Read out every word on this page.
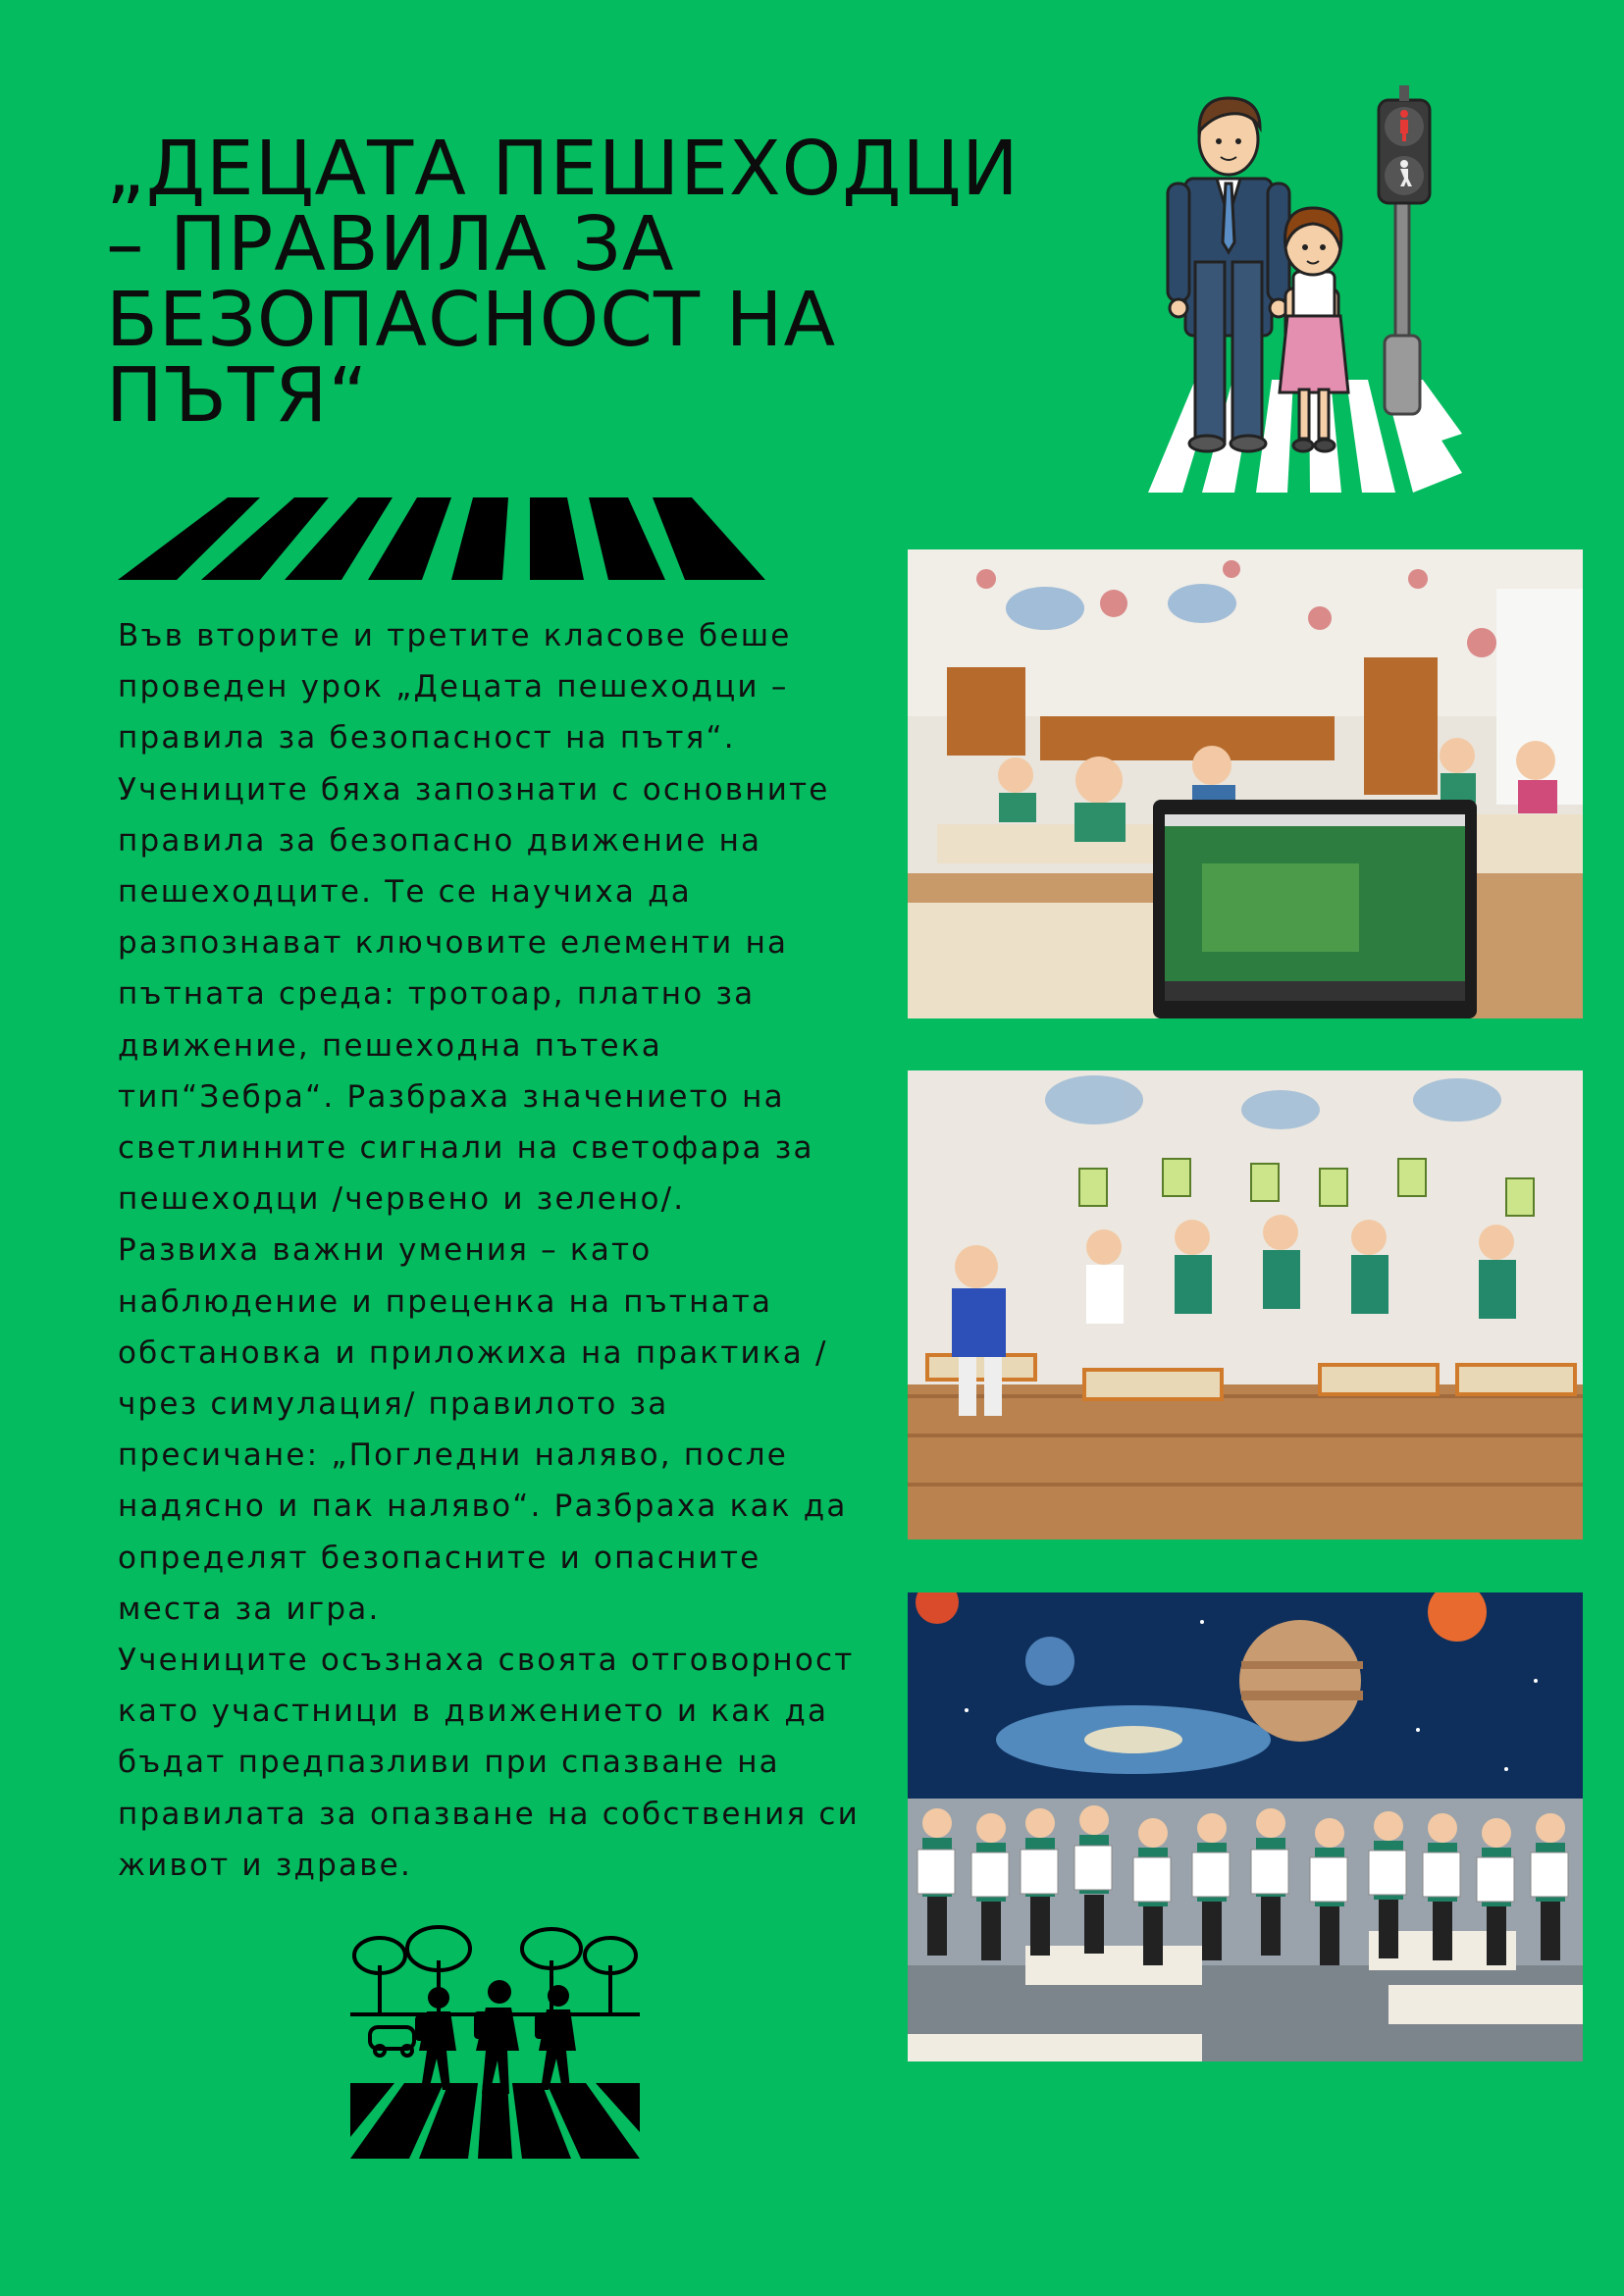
„ДЕЦАТА ПЕШЕХОДЦИ – ПРАВИЛА ЗА БЕЗОПАСНОСТ НА ПЪТЯ“

Във вторите и третите класове беше
проведен урок „Децата пешеходци –
правила за безопасност на пътя“.
Учениците бяха запознати с основните
правила за безопасно движение на
пешеходците. Те се научиха да
разпознават ключовите елементи на
пътната среда: тротоар, платно за
движение, пешеходна пътека
тип“Зебра“. Разбраха значението на
светлинните сигнали на светофара за
пешеходци /червено и зелено/.
Развиха важни умения – като
наблюдение и преценка на пътната
обстановка и приложиха на практика /
чрез симулация/ правилото за
пресичане: „Погледни наляво, после
надясно и пак наляво“. Разбраха как да
определят безопасните и опасните
места за игра.
Учениците осъзнаха своята отговорност
като участници в движението и как да
бъдат предпазливи при спазване на
правилата за опазване на собствения си
живот и здраве.
